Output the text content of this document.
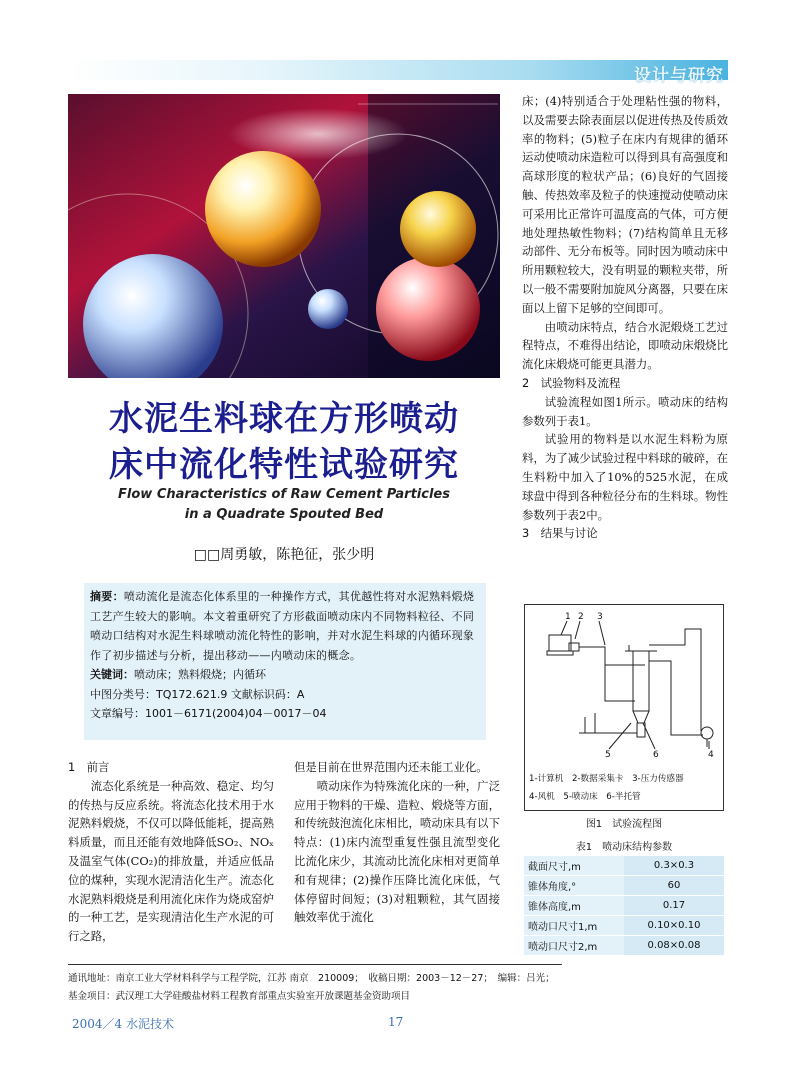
设计与研究
水泥生料球在方形喷动
床中流化特性试验研究
Flow Characteristics of Raw Cement Particles
in a Quadrate Spouted Bed
□□周勇敏，陈艳征，张少明
摘要：喷动流化是流态化体系里的一种操作方式，其优越性将对水泥熟料煅烧工艺产生较大的影响。本文着重研究了方形截面喷动床内不同物料粒径、不同喷动口结构对水泥生料球喷动流化特性的影响，并对水泥生料球的内循环现象作了初步描述与分析，提出移动——内喷动床的概念。
关键词：喷动床；熟料煅烧；内循环
中图分类号：TQ172.621.9 文献标识码：A
文章编号：1001－6171(2004)04－0017－04

1　前言

流态化系统是一种高效、稳定、均匀的传热与反应系统。将流态化技术用于水泥熟料煅烧，不仅可以降低能耗，提高熟料质量，而且还能有效地降低SO₂、NOₓ及温室气体(CO₂)的排放量，并适应低品位的煤种，实现水泥清洁化生产。流态化水泥熟料煅烧是利用流化床作为烧成窑炉的一种工艺，是实现清洁化生产水泥的可行之路，

但是目前在世界范围内还未能工业化。

喷动床作为特殊流化床的一种，广泛应用于物料的干燥、造粒、煅烧等方面，和传统鼓泡流化床相比，喷动床具有以下特点：(1)床内流型重复性强且流型变化比流化床少，其流动比流化床相对更简单和有规律；(2)操作压降比流化床低，气体停留时间短；(3)对粗颗粒，其气固接触效率优于流化

床；(4)特别适合于处理粘性强的物料，以及需要去除表面层以促进传热及传质效率的物料；(5)粒子在床内有规律的循环运动使喷动床造粒可以得到具有高强度和高球形度的粒状产品；(6)良好的气固接触、传热效率及粒子的快速搅动使喷动床可采用比正常许可温度高的气体，可方便地处理热敏性物料；(7)结构简单且无移动部件、无分布板等。同时因为喷动床中所用颗粒较大，没有明显的颗粒夹带，所以一般不需要附加旋风分离器，只要在床面以上留下足够的空间即可。

由喷动床特点，结合水泥煅烧工艺过程特点，不难得出结论，即喷动床煅烧比流化床煅烧可能更具潜力。

2　试验物料及流程

试验流程如图1所示。喷动床的结构参数列于表1。

试验用的物料是以水泥生料粉为原料，为了减少试验过程中料球的破碎，在生料粉中加入了10%的525水泥，在成球盘中得到各种粒径分布的生料球。物性参数列于表2中。

3　结果与讨论

1 2 3
4
5	6
1-计算机　2-数据采集卡　3-压力传感器
4-风机　5-喷动床　6-半托管
图1　试验流程图
表1　喷动床结构参数
截面尺寸,m	0.3×0.3
锥体角度,°	60
锥体高度,m	0.17
喷动口尺寸1,m	0.10×0.10
喷动口尺寸2,m	0.08×0.08
通讯地址：南京工业大学材料科学与工程学院，江苏 南京　210009；　收稿日期：2003－12－27；　编辑：吕光；
基金项目：武汉理工大学硅酸盐材料工程教育部重点实验室开放课题基金资助项目
2004／4 水泥技术	17
